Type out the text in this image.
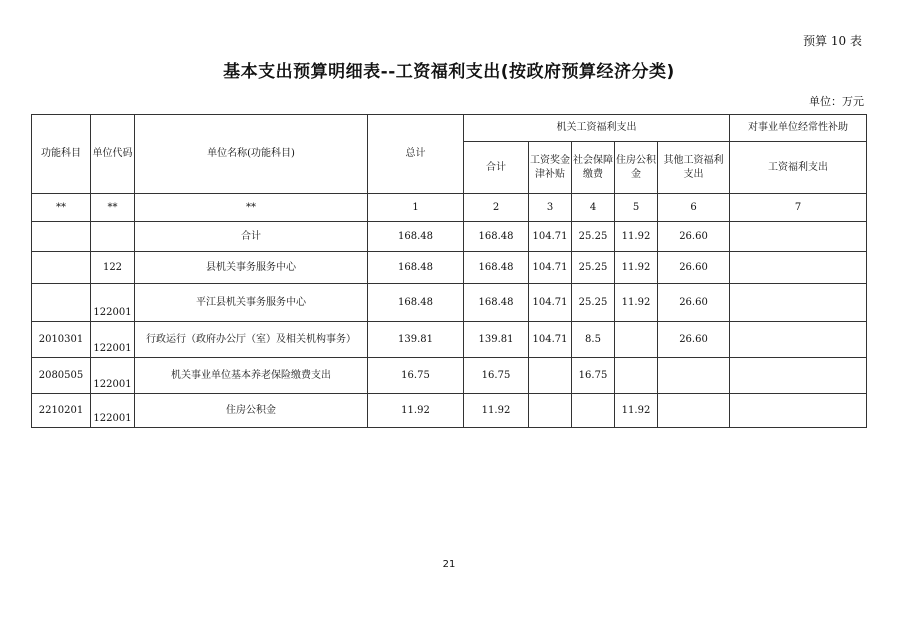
预算 10 表
基本支出预算明细表--工资福利支出(按政府预算经济分类)
单位：万元
功能科目	单位代码	单位名称(功能科目)	总计	机关工资福利支出					对事业单位经常性补助
				合计	工资奖金津补贴	社会保障缴费	住房公积金	其他工资福利支出	工资福利支出
**	**	**	1	2	3	4	5	6	7
		合计	168.48	168.48	104.71	25.25	11.92	26.60	
	122	县机关事务服务中心	168.48	168.48	104.71	25.25	11.92	26.60	
	122001	平江县机关事务服务中心	168.48	168.48	104.71	25.25	11.92	26.60	
2010301	122001	行政运行（政府办公厅（室）及相关机构事务）	139.81	139.81	104.71	8.5		26.60	
2080505	122001	机关事业单位基本养老保险缴费支出	16.75	16.75		16.75			
2210201	122001	住房公积金	11.92	11.92			11.92		
21
